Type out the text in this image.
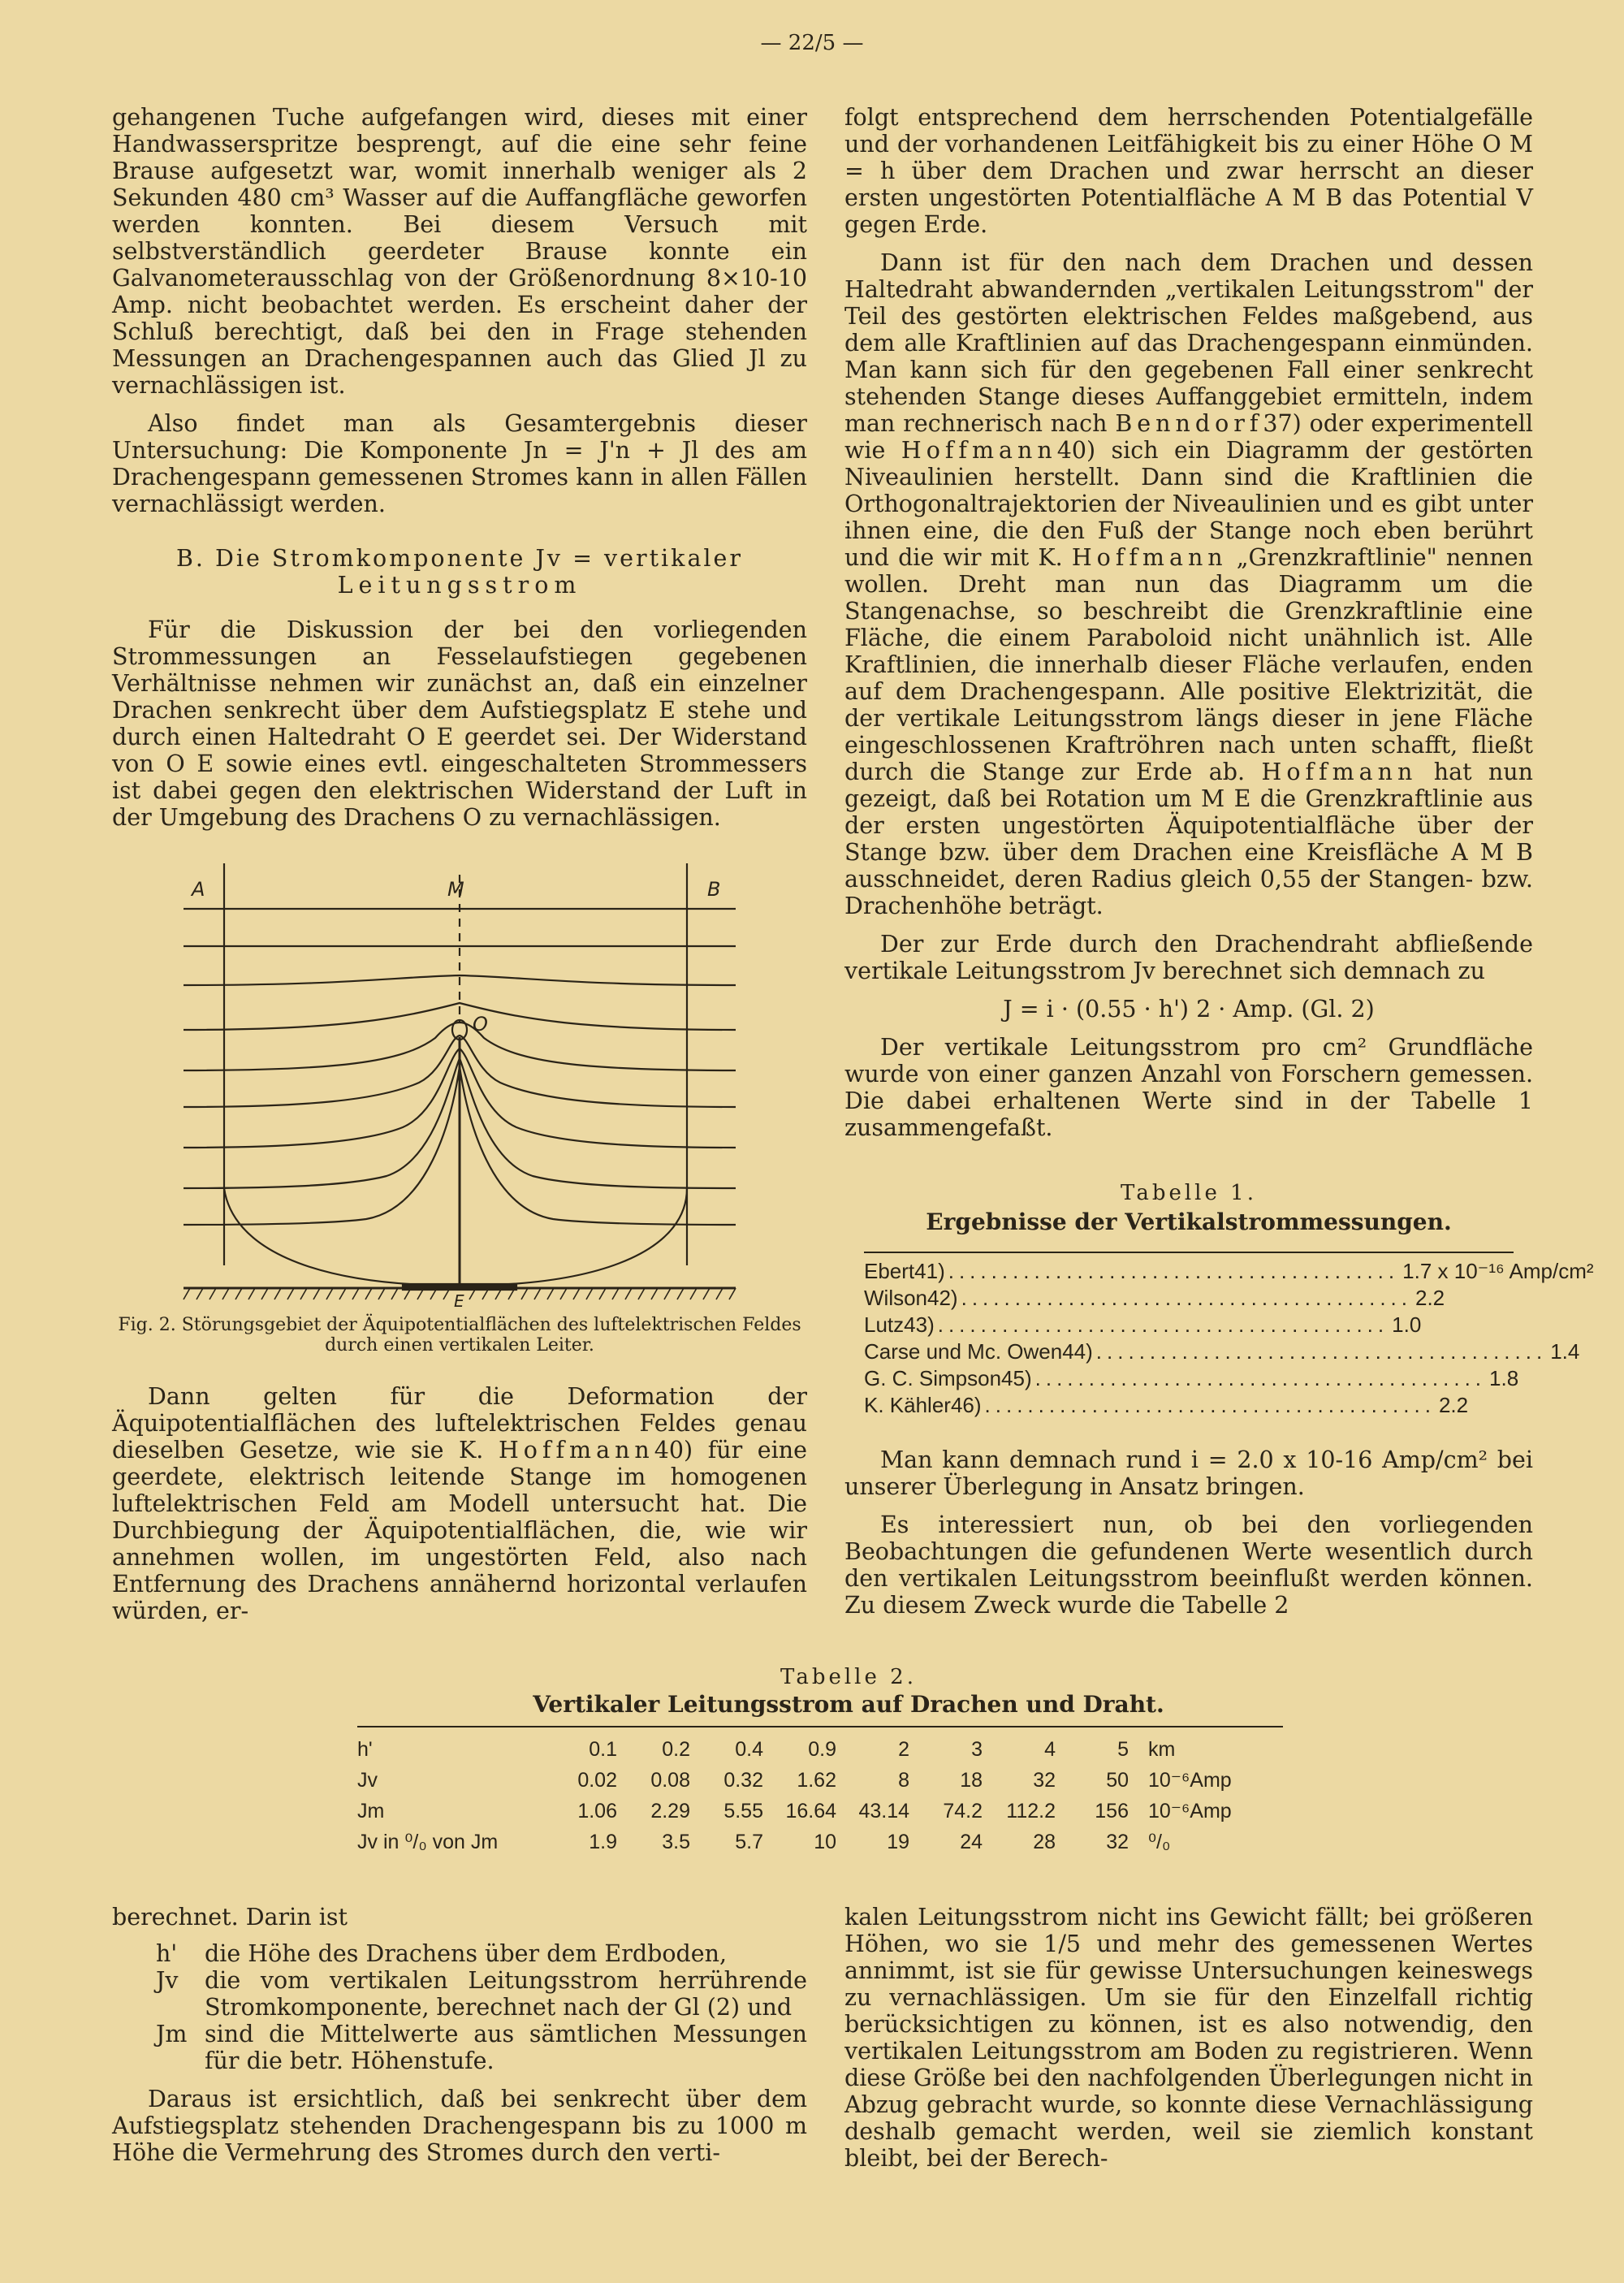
— 22/5 —

gehangenen Tuche aufgefangen wird, dieses mit einer Handwasserspritze besprengt, auf die eine sehr feine Brause aufgesetzt war, womit innerhalb weniger als 2 Sekunden 480 cm³ Wasser auf die Auffangfläche geworfen werden konnten. Bei diesem Versuch mit selbstverständlich geerdeter Brause konnte ein Galvanometerausschlag von der Größenordnung 8×10-10 Amp. nicht beobachtet werden. Es erscheint daher der Schluß berechtigt, daß bei den in Frage stehenden Messungen an Drachengespannen auch das Glied Jl zu vernachlässigen ist.

Also findet man als Gesamtergebnis dieser Untersuchung: Die Komponente Jn = J'n + Jl des am Drachengespann gemessenen Stromes kann in allen Fällen vernachlässigt werden.

B. Die Stromkomponente Jv = vertikaler
Leitungsstrom

Für die Diskussion der bei den vorliegenden Strommessungen an Fesselaufstiegen gegebenen Verhältnisse nehmen wir zunächst an, daß ein einzelner Drachen senkrecht über dem Aufstiegsplatz E stehe und durch einen Haltedraht O E geerdet sei. Der Widerstand von O E sowie eines evtl. eingeschalteten Strommessers ist dabei gegen den elektrischen Widerstand der Luft in der Umgebung des Drachens O zu vernachlässigen.

A	M	B
O
E
Fig. 2. Störungsgebiet der Äquipotentialflächen des luftelektrischen Feldes durch einen vertikalen Leiter.

Dann gelten für die Deformation der Äquipotentialflächen des luftelektrischen Feldes genau dieselben Gesetze, wie sie K. Hoffmann40) für eine geerdete, elektrisch leitende Stange im homogenen luftelektrischen Feld am Modell untersucht hat. Die Durchbiegung der Äquipotentialflächen, die, wie wir annehmen wollen, im ungestörten Feld, also nach Entfernung des Drachens annähernd horizontal verlaufen würden, er-

folgt entsprechend dem herrschenden Potentialgefälle und der vorhandenen Leitfähigkeit bis zu einer Höhe O M = h über dem Drachen und zwar herrscht an dieser ersten ungestörten Potentialfläche A M B das Potential V gegen Erde.

Dann ist für den nach dem Drachen und dessen Haltedraht abwandernden „vertikalen Leitungsstrom" der Teil des gestörten elektrischen Feldes maßgebend, aus dem alle Kraftlinien auf das Drachengespann einmünden. Man kann sich für den gegebenen Fall einer senkrecht stehenden Stange dieses Auffanggebiet ermitteln, indem man rechnerisch nach Benndorf37) oder experimentell wie Hoffmann40) sich ein Diagramm der gestörten Niveaulinien herstellt. Dann sind die Kraftlinien die Orthogonaltrajektorien der Niveaulinien und es gibt unter ihnen eine, die den Fuß der Stange noch eben berührt und die wir mit K. Hoffmann „Grenzkraftlinie" nennen wollen. Dreht man nun das Diagramm um die Stangenachse, so beschreibt die Grenzkraftlinie eine Fläche, die einem Paraboloid nicht unähnlich ist. Alle Kraftlinien, die innerhalb dieser Fläche verlaufen, enden auf dem Drachengespann. Alle positive Elektrizität, die der vertikale Leitungsstrom längs dieser in jene Fläche eingeschlossenen Kraftröhren nach unten schafft, fließt durch die Stange zur Erde ab. Hoffmann hat nun gezeigt, daß bei Rotation um M E die Grenzkraftlinie aus der ersten ungestörten Äquipotentialfläche über der Stange bzw. über dem Drachen eine Kreisfläche A M B ausschneidet, deren Radius gleich 0,55 der Stangen- bzw. Drachenhöhe beträgt.

Der zur Erde durch den Drachendraht abfließende vertikale Leitungsstrom Jv berechnet sich demnach zu

J = i · (0.55 · h') 2 · Amp. (Gl. 2)

Der vertikale Leitungsstrom pro cm² Grundfläche wurde von einer ganzen Anzahl von Forschern gemessen. Die dabei erhaltenen Werte sind in der Tabelle 1 zusammengefaßt.

Tabelle 1.
Ergebnisse der Vertikalstrommessungen.
Ebert41) .......................................... 1.7 x 10⁻¹⁶ Amp/cm²
Wilson42) .......................................... 2.2
Lutz43) .......................................... 1.0
Carse und Mc. Owen44) .......................................... 1.4
G. C. Simpson45) .......................................... 1.8
K. Kähler46) .......................................... 2.2

Man kann demnach rund i = 2.0 x 10-16 Amp/cm² bei unserer Überlegung in Ansatz bringen.

Es interessiert nun, ob bei den vorliegenden Beobachtungen die gefundenen Werte wesentlich durch den vertikalen Leitungsstrom beeinflußt werden können. Zu diesem Zweck wurde die Tabelle 2

Tabelle 2.
Vertikaler Leitungsstrom auf Drachen und Draht.
h'	0.1	0.2	0.4	0.9	2	3	4	5	km
Jv	0.02	0.08	0.32	1.62	8	18	32	50	10⁻⁶Amp
Jm	1.06	2.29	5.55	16.64	43.14	74.2	112.2	156	10⁻⁶Amp
Jv in ⁰/₀ von Jm	1.9	3.5	5.7	10	19	24	28	32	⁰/₀

berechnet. Darin ist

h'	die Höhe des Drachens über dem Erdboden,
Jv	die vom vertikalen Leitungsstrom herrührende Stromkomponente, berechnet nach der Gl (2) und
Jm sind die Mittelwerte aus sämtlichen Messungen für die betr. Höhenstufe.

Daraus ist ersichtlich, daß bei senkrecht über dem Aufstiegsplatz stehenden Drachengespann bis zu 1000 m Höhe die Vermehrung des Stromes durch den verti-

kalen Leitungsstrom nicht ins Gewicht fällt; bei größeren Höhen, wo sie 1/5 und mehr des gemessenen Wertes annimmt, ist sie für gewisse Untersuchungen keineswegs zu vernachlässigen. Um sie für den Einzelfall richtig berücksichtigen zu können, ist es also notwendig, den vertikalen Leitungsstrom am Boden zu registrieren. Wenn diese Größe bei den nachfolgenden Überlegungen nicht in Abzug gebracht wurde, so konnte diese Vernachlässigung deshalb gemacht werden, weil sie ziemlich konstant bleibt, bei der Berech-
